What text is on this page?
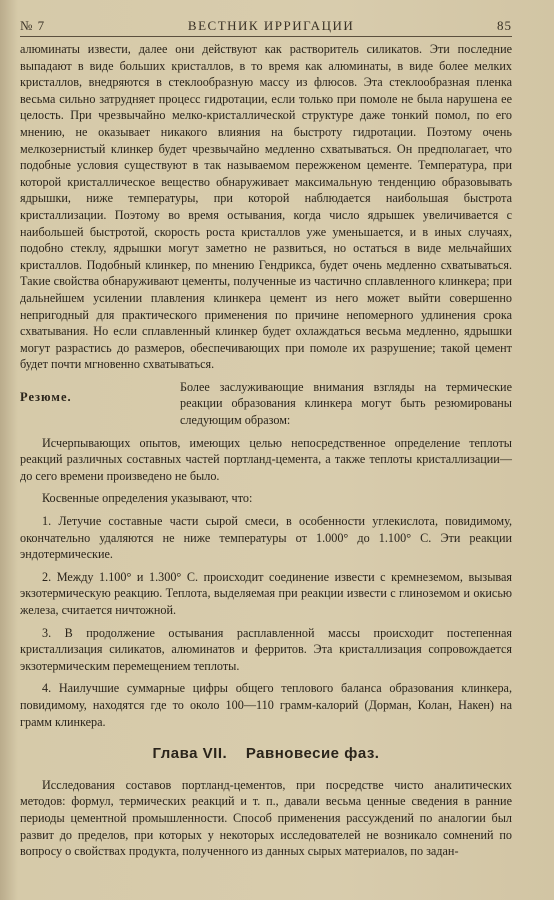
№ 7	ВЕСТНИК ИРРИГАЦИИ	85

алюминаты извести, далее они действуют как растворитель силикатов. Эти последние выпадают в виде больших кристаллов, в то время как алюминаты, в виде более мелких кристаллов, внедряются в стеклообразную массу из флюсов. Эта стеклообразная пленка весьма сильно затрудняет процесс гидротации, если только при помоле не была нарушена ее целость. При чрезвычайно мелко-кристаллической структуре даже тонкий помол, по его мнению, не оказывает никакого влияния на быстроту гидротации. Поэтому очень мелкозернистый клинкер будет чрезвычайно медленно схватываться. Он предполагает, что подобные условия существуют в так называемом пережженом цементе. Температура, при которой кристаллическое вещество обнаруживает максимальную тенденцию образовывать ядрышки, ниже температуры, при которой наблюдается наибольшая быстрота кристаллизации. Поэтому во время остывания, когда число ядрышек увеличивается с наибольшей быстротой, скорость роста кристаллов уже уменьшается, и в иных случаях, подобно стеклу, ядрышки могут заметно не развиться, но остаться в виде мельчайших кристаллов. Подобный клинкер, по мнению Гендрикса, будет очень медленно схватываться. Такие свойства обнаруживают цементы, полученные из частично сплавленного клинкера; при дальнейшем усилении плавления клинкера цемент из него может выйти совершенно непригодный для практического применения по причине непомерного удлинения срока схватывания. Но если сплавленный клинкер будет охлаждаться весьма медленно, ядрышки могут разрастись до размеров, обеспечивающих при помоле их разрушение; такой цемент будет почти мгновенно схватываться.

Резюме.

Более заслуживающие внимания взгляды на термические реакции образования клинкера могут быть резюмированы следующим образом:

Исчерпывающих опытов, имеющих целью непосредственное определение теплоты реакций различных составных частей портланд-цемента, а также теплоты кристаллизации—до сего времени произведено не было.

Косвенные определения указывают, что:

1. Летучие составные части сырой смеси, в особенности углекислота, повидимому, окончательно удаляются не ниже температуры от 1.000° до 1.100° С. Эти реакции эндотермические.

2. Между 1.100° и 1.300° С. происходит соединение извести с кремнеземом, вызывая экзотермическую реакцию. Теплота, выделяемая при реакции извести с глиноземом и окисью железа, считается ничтожной.

3. В продолжение остывания расплавленной массы происходит постепенная кристаллизация силикатов, алюминатов и ферритов. Эта кристаллизация сопровождается экзотермическим перемещением теплоты.

4. Наилучшие суммарные цифры общего теплового баланса образования клинкера, повидимому, находятся где то около 100—110 грамм-калорий (Дорман, Колан, Накен) на грамм клинкера.

Глава VII. Равновесие фаз.

Исследования составов портланд-цементов, при посредстве чисто аналитических методов: формул, термических реакций и т. п., давали весьма ценные сведения в ранние периоды цементной промышленности. Способ применения рассуждений по аналогии был развит до пределов, при которых у некоторых исследователей не возникало сомнений по вопросу о свойствах продукта, полученного из данных сырых материалов, по задан-
